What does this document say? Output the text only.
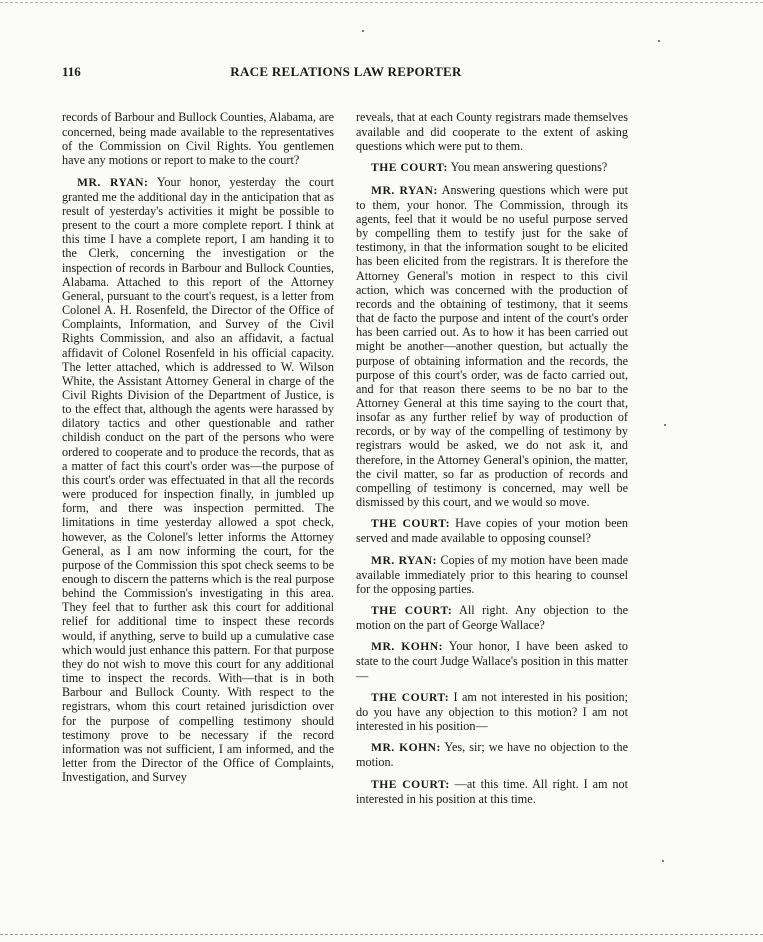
116	RACE RELATIONS LAW REPORTER

records of Barbour and Bullock Counties, Alabama, are concerned, being made available to the representatives of the Commission on Civil Rights. You gentlemen have any motions or report to make to the court?

MR. RYAN: Your honor, yesterday the court granted me the additional day in the anticipation that as result of yesterday's activities it might be possible to present to the court a more complete report. I think at this time I have a complete report, I am handing it to the Clerk, concerning the investigation or the inspection of records in Barbour and Bullock Counties, Alabama. Attached to this report of the Attorney General, pursuant to the court's request, is a letter from Colonel A. H. Rosenfeld, the Director of the Office of Complaints, Information, and Survey of the Civil Rights Commission, and also an affidavit, a factual affidavit of Colonel Rosenfeld in his official capacity. The letter attached, which is addressed to W. Wilson White, the Assistant Attorney General in charge of the Civil Rights Division of the Department of Justice, is to the effect that, although the agents were harassed by dilatory tactics and other questionable and rather childish conduct on the part of the persons who were ordered to cooperate and to produce the records, that as a matter of fact this court's order was—the purpose of this court's order was effectuated in that all the records were produced for inspection finally, in jumbled up form, and there was inspection permitted. The limitations in time yesterday allowed a spot check, however, as the Colonel's letter informs the Attorney General, as I am now informing the court, for the purpose of the Commission this spot check seems to be enough to discern the patterns which is the real purpose behind the Commission's investigating in this area. They feel that to further ask this court for additional relief for additional time to inspect these records would, if anything, serve to build up a cumulative case which would just enhance this pattern. For that purpose they do not wish to move this court for any additional time to inspect the records. With—that is in both Barbour and Bullock County. With respect to the registrars, whom this court retained jurisdiction over for the purpose of compelling testimony should testimony prove to be necessary if the record information was not sufficient, I am informed, and the letter from the Director of the Office of Complaints, Investigation, and Survey

reveals, that at each County registrars made themselves available and did cooperate to the extent of asking questions which were put to them.

THE COURT: You mean answering questions?

MR. RYAN: Answering questions which were put to them, your honor. The Commission, through its agents, feel that it would be no useful purpose served by compelling them to testify just for the sake of testimony, in that the information sought to be elicited has been elicited from the registrars. It is therefore the Attorney General's motion in respect to this civil action, which was concerned with the production of records and the obtaining of testimony, that it seems that de facto the purpose and intent of the court's order has been carried out. As to how it has been carried out might be another—another question, but actually the purpose of obtaining information and the records, the purpose of this court's order, was de facto carried out, and for that reason there seems to be no bar to the Attorney General at this time saying to the court that, insofar as any further relief by way of production of records, or by way of the compelling of testimony by registrars would be asked, we do not ask it, and therefore, in the Attorney General's opinion, the matter, the civil matter, so far as production of records and compelling of testimony is concerned, may well be dismissed by this court, and we would so move.

THE COURT: Have copies of your motion been served and made available to opposing counsel?

MR. RYAN: Copies of my motion have been made available immediately prior to this hearing to counsel for the opposing parties.

THE COURT: All right. Any objection to the motion on the part of George Wallace?

MR. KOHN: Your honor, I have been asked to state to the court Judge Wallace's position in this matter—

THE COURT: I am not interested in his position; do you have any objection to this motion? I am not interested in his position—

MR. KOHN: Yes, sir; we have no objection to the motion.

THE COURT: —at this time. All right. I am not interested in his position at this time.
